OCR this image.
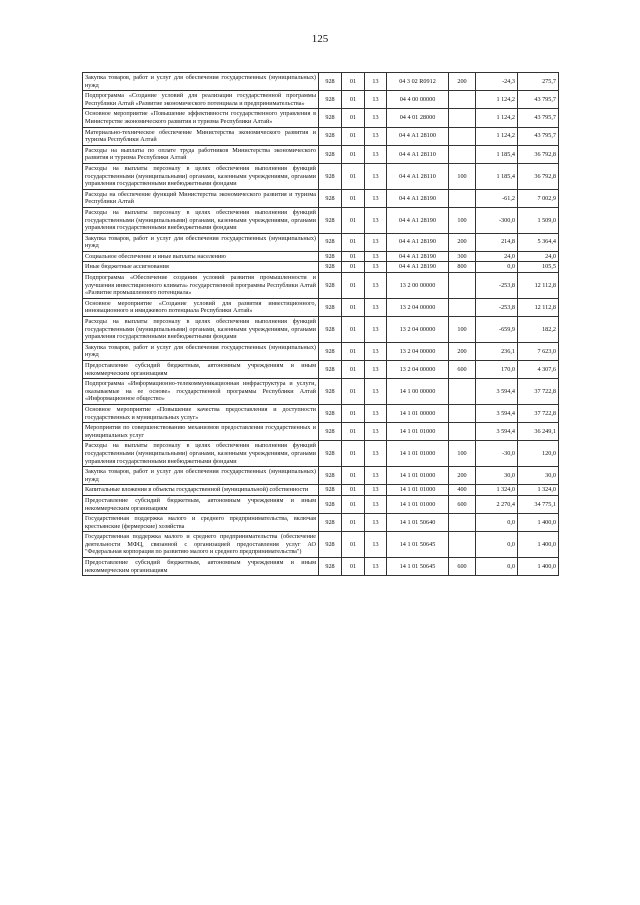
125
Закупка товаров, работ и услуг для обеспечения государственных (муниципальных) нужд	928	01	13	04 3 02 R0912	200	-24,3	275,7
Подпрограмма «Создание условий для реализации государственной программы Республики Алтай «Развитие экономического потенциала и предпринимательства»	928	01	13	04 4 00 00000		1 124,2	43 795,7
Основное мероприятие «Повышение эффективности государственного управления в Министерстве экономического развития и туризма Республики Алтай»	928	01	13	04 4 01 28000		1 124,2	43 795,7
Материально-техническое обеспечение Министерства экономического развития и туризма Республики Алтай	928	01	13	04 4 А1 28100		1 124,2	43 795,7
Расходы на выплаты по оплате труда работников Министерства экономического развития и туризма Республики Алтай	928	01	13	04 4 А1 28110		1 185,4	36 792,8
Расходы на выплаты персоналу в целях обеспечения выполнения функций государственными (муниципальными) органами, казенными учреждениями, органами управления государственными внебюджетными фондами	928	01	13	04 4 А1 28110	100	1 185,4	36 792,8
Расходы на обеспечение функций Министерства экономического развития и туризма Республики Алтай	928	01	13	04 4 А1 28190		-61,2	7 002,9
Расходы на выплаты персоналу в целях обеспечения выполнения функций государственными (муниципальными) органами, казенными учреждениями, органами управления государственными внебюджетными фондами	928	01	13	04 4 А1 28190	100	-300,0	1 509,0
Закупка товаров, работ и услуг для обеспечения государственных (муниципальных) нужд	928	01	13	04 4 А1 28190	200	214,8	5 364,4
Социальное обеспечение и иные выплаты населению	928	01	13	04 4 А1 28190	300	24,0	24,0
Иные бюджетные ассигнования	928	01	13	04 4 А1 28190	800	0,0	105,5
Подпрограмма «Обеспечение создания условий развития промышленности и улучшения инвестиционного климата» государственной программы Республики Алтай «Развитие промышленного потенциала»	928	01	13	13 2 00 00000		-253,8	12 112,8
Основное мероприятие «Создание условий для развития инвестиционного, инновационного и имиджевого потенциала Республики Алтай»	928	01	13	13 2 04 00000		-253,8	12 112,8
Расходы на выплаты персоналу в целях обеспечения выполнения функций государственными (муниципальными) органами, казенными учреждениями, органами управления государственными внебюджетными фондами	928	01	13	13 2 04 00000	100	-659,9	182,2
Закупка товаров, работ и услуг для обеспечения государственных (муниципальных) нужд	928	01	13	13 2 04 00000	200	236,1	7 623,0
Предоставление субсидий бюджетным, автономным учреждениям и иным некоммерческим организациям	928	01	13	13 2 04 00000	600	170,0	4 307,6
Подпрограмма «Информационно-телекоммуникационная инфраструктура и услуги, оказываемые на ее основе» государственной программы Республики Алтай «Информационное общество»	928	01	13	14 1 00 00000		3 594,4	37 722,8
Основное мероприятие «Повышение качества предоставления и доступности государственных и муниципальных услуг»	928	01	13	14 1 01 00000		3 594,4	37 722,8
Мероприятия по совершенствованию механизмов предоставления государственных и муниципальных услуг	928	01	13	14 1 01 01000		3 594,4	36 249,1
Расходы на выплаты персоналу в целях обеспечения выполнения функций государственными (муниципальными) органами, казенными учреждениями, органами управления государственными внебюджетными фондами	928	01	13	14 1 01 01000	100	-30,0	120,0
Закупка товаров, работ и услуг для обеспечения государственных (муниципальных) нужд	928	01	13	14 1 01 01000	200	30,0	30,0
Капитальные вложения в объекты государственной (муниципальной) собственности	928	01	13	14 1 01 01000	400	1 324,0	1 324,0
Предоставление субсидий бюджетным, автономным учреждениям и иным некоммерческим организациям	928	01	13	14 1 01 01000	600	2 270,4	34 775,1
Государственная поддержка малого и среднего предпринимательства, включая крестьянские (фермерские) хозяйства	928	01	13	14 1 01 50640		0,0	1 400,0
Государственная поддержка малого и среднего предпринимательства (обеспечение деятельности МФЦ, связанной с организацией предоставления услуг АО "Федеральная корпорация по развитию малого и среднего предпринимательства")	928	01	13	14 1 01 50645		0,0	1 400,0
Предоставление субсидий бюджетным, автономным учреждениям и иным некоммерческим организациям	928	01	13	14 1 01 50645	600	0,0	1 400,0
